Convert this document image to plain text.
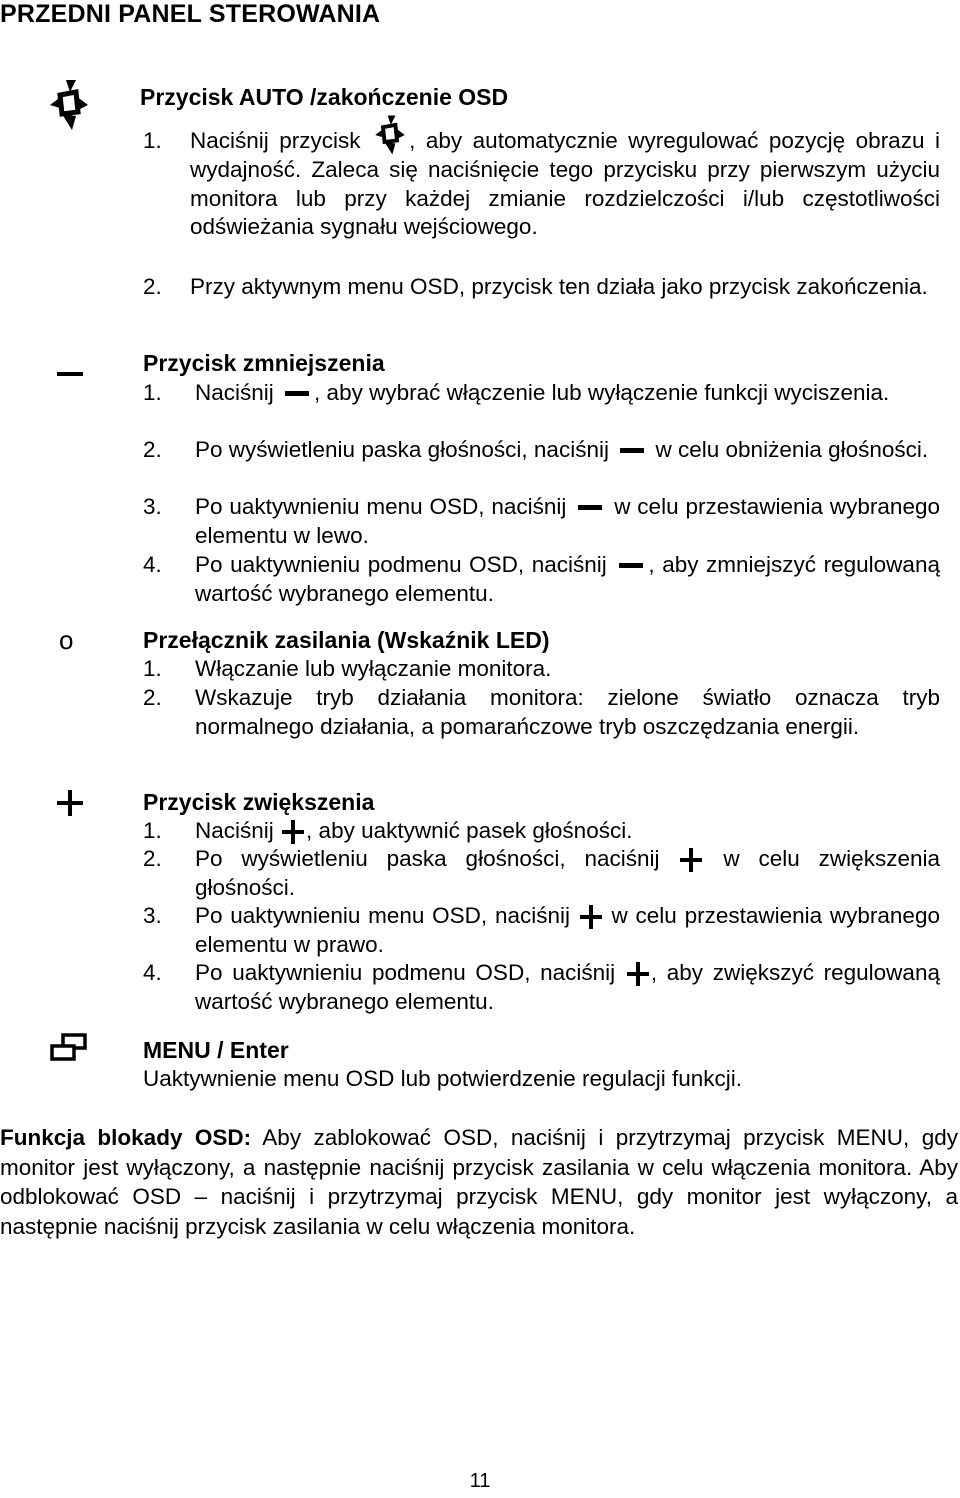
PRZEDNI PANEL STEROWANIA
Przycisk AUTO /zakończenie OSD
1. Naciśnij przycisk , aby automatycznie wyregulować pozycję obrazu i wydajność. Zaleca się naciśnięcie tego przycisku przy pierwszym użyciu monitora lub przy każdej zmianie rozdzielczości i/lub częstotliwości odświeżania sygnału wejściowego.
2. Przy aktywnym menu OSD, przycisk ten działa jako przycisk zakończenia.
Przycisk zmniejszenia
1. Naciśnij , aby wybrać włączenie lub wyłączenie funkcji wyciszenia.
2. Po wyświetleniu paska głośności, naciśnij w celu obniżenia głośności.
3. Po uaktywnieniu menu OSD, naciśnij w celu przestawienia wybranego elementu w lewo.
4. Po uaktywnieniu podmenu OSD, naciśnij , aby zmniejszyć regulowaną wartość wybranego elementu.
o	Przełącznik zasilania (Wskaźnik LED)
1. Włączanie lub wyłączanie monitora.
2. Wskazuje tryb działania monitora: zielone światło oznacza tryb normalnego działania, a pomarańczowe tryb oszczędzania energii.
Przycisk zwiększenia
1. Naciśnij , aby uaktywnić pasek głośności.
2. Po wyświetleniu paska głośności, naciśnij	w celu zwiększenia głośności.
3. Po uaktywnieniu menu OSD, naciśnij w celu przestawienia wybranego elementu w prawo.
4. Po uaktywnieniu podmenu OSD, naciśnij , aby zwiększyć regulowaną wartość wybranego elementu.
MENU / Enter
Uaktywnienie menu OSD lub potwierdzenie regulacji funkcji.
Funkcja blokady OSD: Aby zablokować OSD, naciśnij i przytrzymaj przycisk MENU, gdy monitor jest wyłączony, a następnie naciśnij przycisk zasilania w celu włączenia monitora. Aby odblokować OSD – naciśnij i przytrzymaj przycisk MENU, gdy monitor jest wyłączony, a następnie naciśnij przycisk zasilania w celu włączenia monitora.
11
